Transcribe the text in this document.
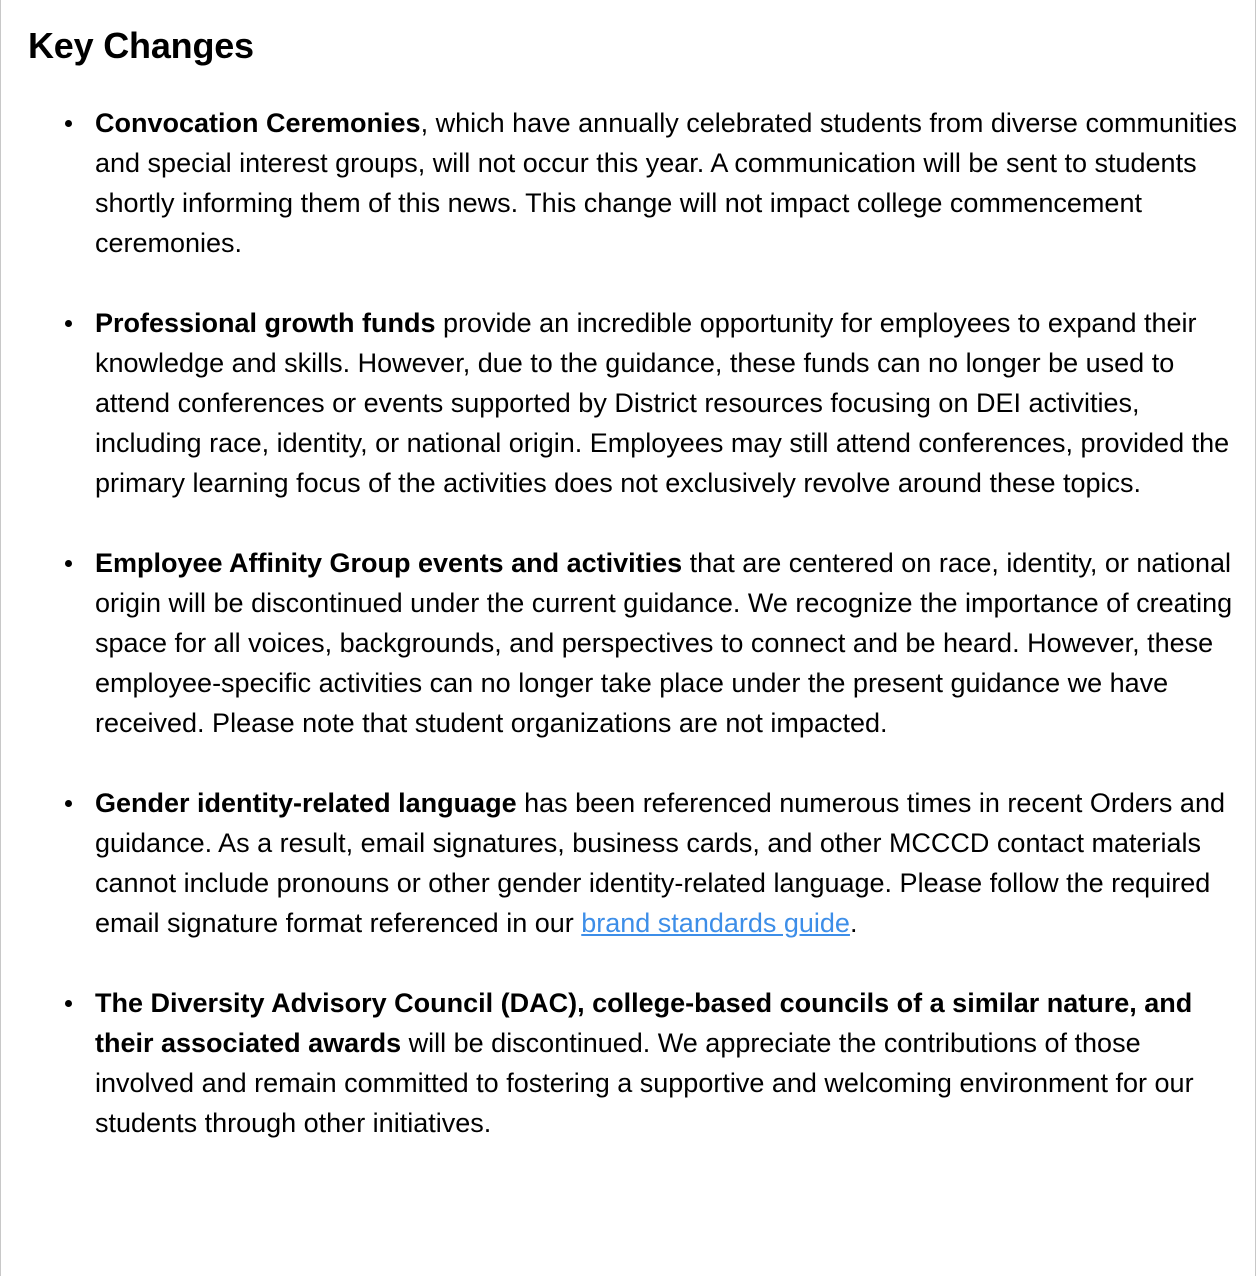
Key Changes
Convocation Ceremonies, which have annually celebrated students from diverse communities and special interest groups, will not occur this year. A communication will be sent to students shortly informing them of this news. This change will not impact college commencement ceremonies.
Professional growth funds provide an incredible opportunity for employees to expand their knowledge and skills. However, due to the guidance, these funds can no longer be used to attend conferences or events supported by District resources focusing on DEI activities, including race, identity, or national origin. Employees may still attend conferences, provided the primary learning focus of the activities does not exclusively revolve around these topics.
Employee Affinity Group events and activities that are centered on race, identity, or national origin will be discontinued under the current guidance. We recognize the importance of creating space for all voices, backgrounds, and perspectives to connect and be heard. However, these employee-specific activities can no longer take place under the present guidance we have received. Please note that student organizations are not impacted.
Gender identity-related language has been referenced numerous times in recent Orders and guidance. As a result, email signatures, business cards, and other MCCCD contact materials cannot include pronouns or other gender identity-related language. Please follow the required email signature format referenced in our brand standards guide.
The Diversity Advisory Council (DAC), college-based councils of a similar nature, and their associated awards will be discontinued. We appreciate the contributions of those involved and remain committed to fostering a supportive and welcoming environment for our students through other initiatives.
